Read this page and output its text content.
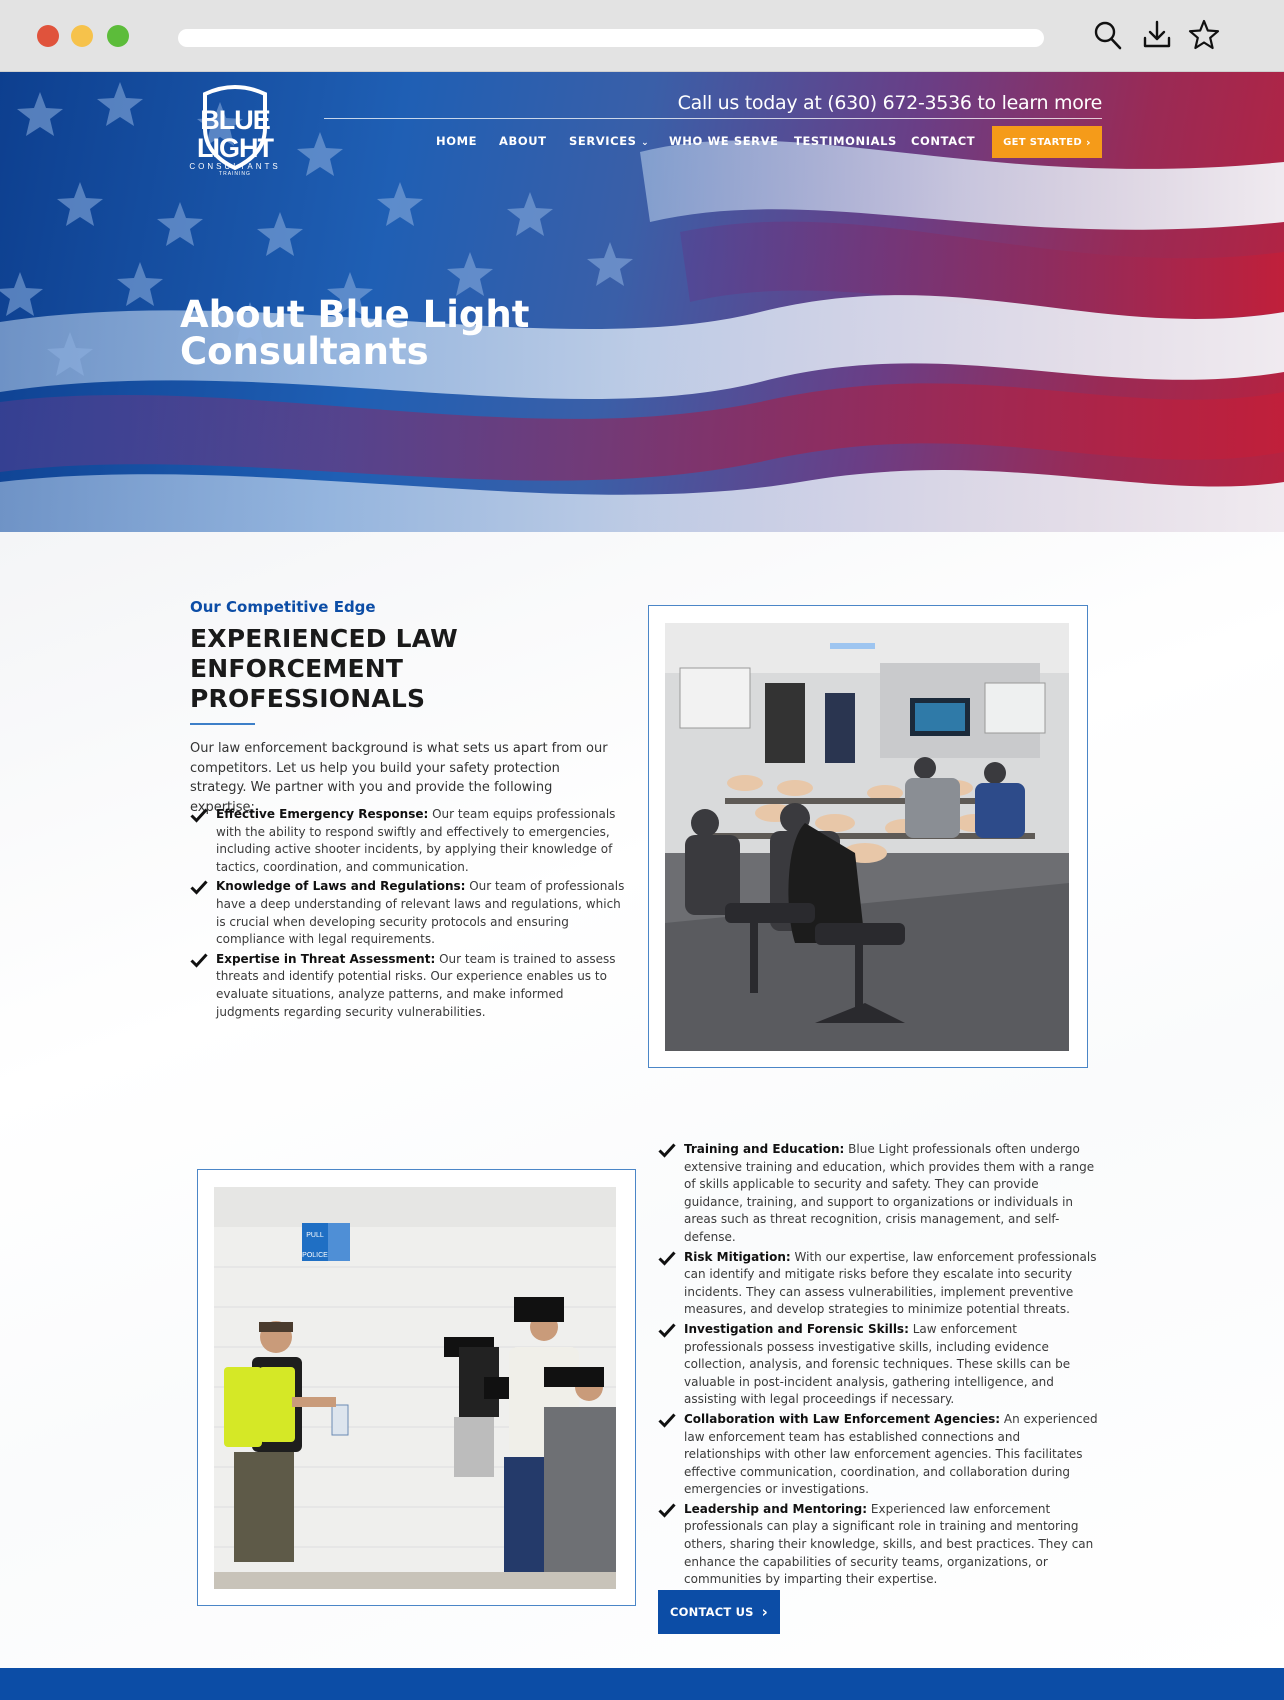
BLUE LIGHT
CONSULTANTS
TRAINING
Call us today at (630) 672-3536 to learn more
HOME ABOUT SERVICES ⌄ WHO WE SERVE TESTIMONIALS CONTACT	GET STARTED ›
About Blue Light Consultants
Our Competitive Edge
EXPERIENCED LAW ENFORCEMENT PROFESSIONALS

Our law enforcement background is what sets us apart from our competitors. Let us help you build your safety protection strategy. We partner with you and provide the following expertise:

Effective Emergency Response: Our team equips professionals with the ability to respond swiftly and effectively to emergencies, including active shooter incidents, by applying their knowledge of tactics, coordination, and communication.
Knowledge of Laws and Regulations: Our team of professionals have a deep understanding of relevant laws and regulations, which is crucial when developing security protocols and ensuring compliance with legal requirements.
Expertise in Threat Assessment: Our team is trained to assess threats and identify potential risks. Our experience enables us to evaluate situations, analyze patterns, and make informed judgments regarding security vulnerabilities.
PULL
POLICE
Training and Education: Blue Light professionals often undergo extensive training and education, which provides them with a range of skills applicable to security and safety. They can provide guidance, training, and support to organizations or individuals in areas such as threat recognition, crisis management, and self-defense.
Risk Mitigation: With our expertise, law enforcement professionals can identify and mitigate risks before they escalate into security incidents. They can assess vulnerabilities, implement preventive measures, and develop strategies to minimize potential threats.
Investigation and Forensic Skills: Law enforcement professionals possess investigative skills, including evidence collection, analysis, and forensic techniques. These skills can be valuable in post-incident analysis, gathering intelligence, and assisting with legal proceedings if necessary.
Collaboration with Law Enforcement Agencies: An experienced law enforcement team has established connections and relationships with other law enforcement agencies. This facilitates effective communication, coordination, and collaboration during emergencies or investigations.
Leadership and Mentoring: Experienced law enforcement professionals can play a significant role in training and mentoring others, sharing their knowledge, skills, and best practices. They can enhance the capabilities of security teams, organizations, or communities by imparting their expertise.
CONTACT US ›
